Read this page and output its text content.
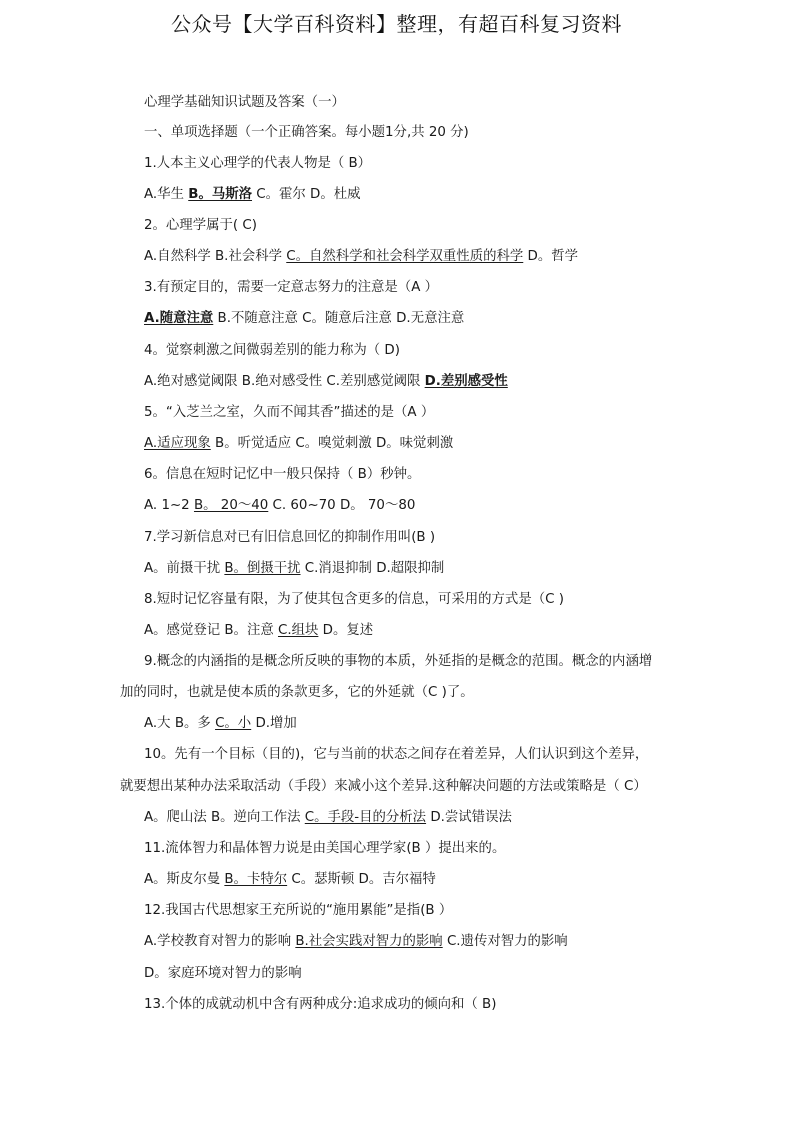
公众号【大学百科资料】整理，有超百科复习资料
心理学基础知识试题及答案（一）
一、单项选择题（一个正确答案。每小题1分,共 20 分)
1.人本主义心理学的代表人物是（ B）
A.华生 B。马斯洛 C。霍尔 D。杜威
2。心理学属于( C)
A.自然科学 B.社会科学 C。自然科学和社会科学双重性质的科学 D。哲学
3.有预定目的，需要一定意志努力的注意是（A ）
A.随意注意 B.不随意注意 C。随意后注意 D.无意注意
4。觉察刺激之间微弱差别的能力称为（ D)
A.绝对感觉阈限 B.绝对感受性 C.差别感觉阈限 D.差别感受性
5。“入芝兰之室，久而不闻其香”描述的是（A ）
A.适应现象 B。听觉适应 C。嗅觉刺激 D。味觉刺激
6。信息在短时记忆中一般只保持（ B）秒钟。
A. 1~2 B。 20～40 C. 60~70 D。 70～80
7.学习新信息对已有旧信息回忆的抑制作用叫(B )
A。前摄干扰 B。倒摄干扰 C.消退抑制 D.超限抑制
8.短时记忆容量有限，为了使其包含更多的信息，可采用的方式是（C )
A。感觉登记 B。注意 C.组块 D。复述
9.概念的内涵指的是概念所反映的事物的本质，外延指的是概念的范围。概念的内涵增
加的同时，也就是使本质的条款更多，它的外延就（C )了。
A.大 B。多 C。小 D.增加
10。先有一个目标（目的)，它与当前的状态之间存在着差异，人们认识到这个差异，
就要想出某种办法采取活动（手段）来减小这个差异.这种解决问题的方法或策略是（ C）
A。爬山法 B。逆向工作法 C。手段-目的分析法 D.尝试错误法
11.流体智力和晶体智力说是由美国心理学家(B ）提出来的。
A。斯皮尔曼 B。卡特尔 C。瑟斯顿 D。吉尔福特
12.我国古代思想家王充所说的“施用累能”是指(B ）
A.学校教育对智力的影响 B.社会实践对智力的影响 C.遗传对智力的影响
D。家庭环境对智力的影响
13.个体的成就动机中含有两种成分:追求成功的倾向和（ B)
